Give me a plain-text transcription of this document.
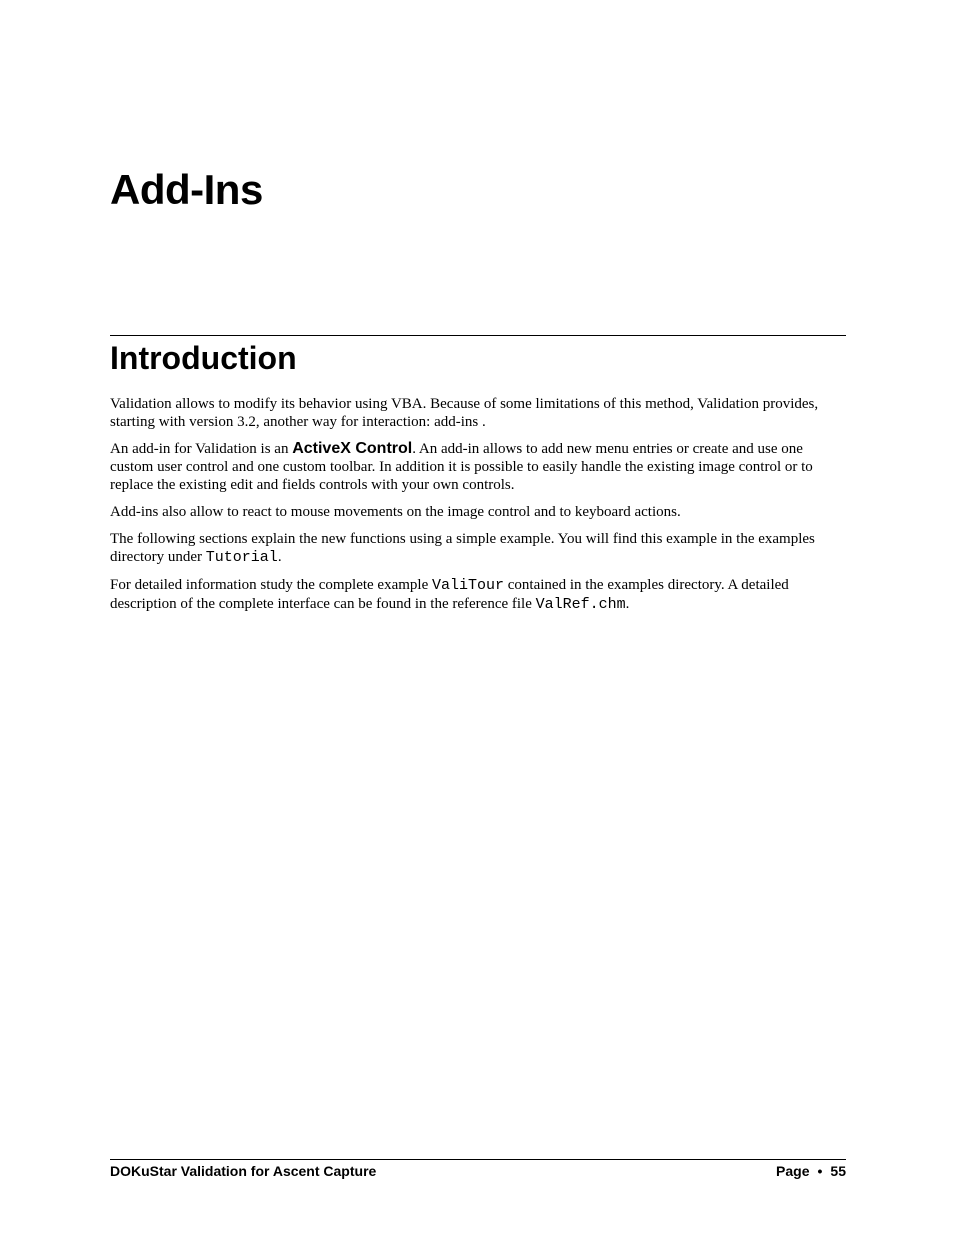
Add-Ins
Introduction

Validation allows to modify its behavior using VBA. Because of some limitations of this method, Validation provides, starting with version 3.2, another way for interaction: add-ins .

An add-in for Validation is an ActiveX Control. An add-in allows to add new menu entries or create and use one custom user control and one custom toolbar. In addition it is possible to easily handle the existing image control or to replace the existing edit and fields controls with your own controls.

Add-ins also allow to react to mouse movements on the image control and to keyboard actions.

The following sections explain the new functions using a simple example. You will find this example in the examples directory under Tutorial.

For detailed information study the complete example ValiTour contained in the examples directory. A detailed description of the complete interface can be found in the reference file ValRef.chm.

DOKuStar Validation for Ascent Capture	Page • 55
